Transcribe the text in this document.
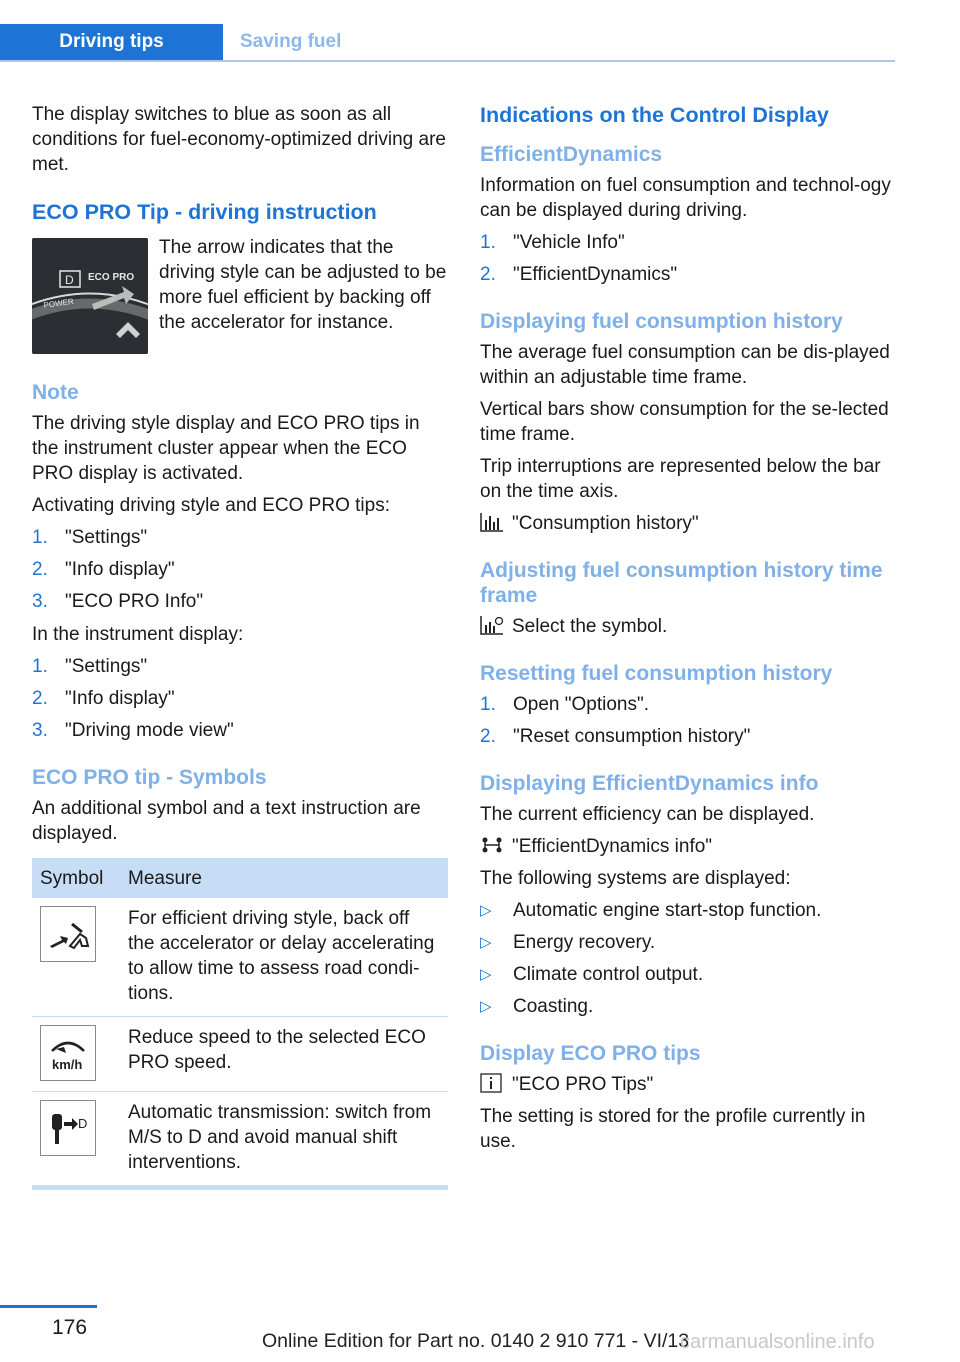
Driving tips	Saving fuel

The display switches to blue as soon as all conditions for fuel-economy-optimized driving are met.

ECO PRO Tip - driving instruction
D ECO PRO
POWER

The arrow indicates that the driving style can be adjusted to be more fuel efficient by backing off the accelerator for instance.

Note

The driving style display and ECO PRO tips in the instrument cluster appear when the ECO PRO display is activated.

Activating driving style and ECO PRO tips:

1. "Settings"
2. "Info display"
3. "ECO PRO Info"

In the instrument display:

1. "Settings"
2. "Info display"
3. "Driving mode view"
ECO PRO tip - Symbols

An additional symbol and a text instruction are displayed.

Symbol	Measure

	For efficient driving style, back off the accelerator or delay accelerating to allow time to assess road condi-tions.

km/h	Reduce speed to the selected ECO PRO speed.

D	Automatic transmission: switch from M/S to D and avoid manual shift interventions.
Indications on the Control Display
EfficientDynamics

Information on fuel consumption and technol-ogy can be displayed during driving.

1. "Vehicle Info"
2. "EfficientDynamics"
Displaying fuel consumption history

The average fuel consumption can be dis-played within an adjustable time frame.

Vertical bars show consumption for the se-lected time frame.

Trip interruptions are represented below the bar on the time axis.

"Consumption history"

Adjusting fuel consumption history time frame

Select the symbol.

Resetting fuel consumption history
1. Open "Options".
2. "Reset consumption history"
Displaying EfficientDynamics info

The current efficiency can be displayed.

"EfficientDynamics info"

The following systems are displayed:

▷	Automatic engine start-stop function.
▷	Energy recovery.
▷	Climate control output.
▷	Coasting.
Display ECO PRO tips

"ECO PRO Tips"

The setting is stored for the profile currently in use.

176
Online Edition for Part no. 0140 2 910 771 - VI/13
carmanualsonline.info
